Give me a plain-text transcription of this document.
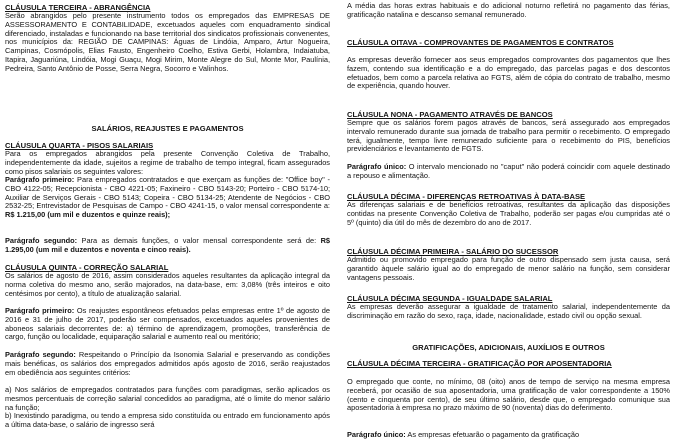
CLÁUSULA TERCEIRA - ABRANGÊNCIA
Serão abrangidos pelo presente instrumento todos os empregados das EMPRESAS DE ASSESSORAMENTO E CONTABILIDADE, excetuados aqueles com enquadramento sindical diferenciado, instaladas e funcionando na base territorial dos sindicatos profissionais convenentes, nos municípios da: REGIÃO DE CAMPINAS: Águas de Lindóia, Amparo, Artur Nogueira, Campinas, Cosmópolis, Elias Fausto, Engenheiro Coelho, Estiva Gerbi, Holambra, Indaiatuba, Itapira, Jaguariúna, Lindóia, Mogi Guaçu, Mogi Mirim, Monte Alegre do Sul, Monte Mor, Paulínia, Pedreira, Santo Antônio de Posse, Serra Negra, Socorro e Valinhos.
SALÁRIOS, REAJUSTES E PAGAMENTOS
CLÁUSULA QUARTA - PISOS SALARIAIS
Para os empregados abrangidos pela presente Convenção Coletiva de Trabalho, independentemente da idade, sujeitos a regime de trabalho de tempo integral, ficam assegurados como pisos salariais os seguintes valores:
Parágrafo primeiro: Para empregados contratados e que exerçam as funções de: "Office boy" - CBO 4122-05; Recepcionista - CBO 4221-05; Faxineiro - CBO 5143-20; Porteiro - CBO 5174-10; Auxiliar de Serviços Gerais - CBO 5143; Copeira - CBO 5134-25; Atendente de Negócios - CBO 2532-25; Entrevistador de Pesquisas de Campo - CBO 4241-15, o valor mensal correspondente a: R$ 1.215,00 (um mil e duzentos e quinze reais);
Parágrafo segundo: Para as demais funções, o valor mensal correspondente será de: R$ 1.295,00 (um mil e duzentos e noventa e cinco reais).
CLÁUSULA QUINTA - CORREÇÃO SALARIAL
Os salários de agosto de 2016, assim considerados aqueles resultantes da aplicação integral da norma coletiva do mesmo ano, serão majorados, na data-base, em: 3,08% (três inteiros e oito centésimos por cento), a título de atualização salarial.
Parágrafo primeiro: Os reajustes espontâneos efetuados pelas empresas entre 1º de agosto de 2016 e 31 de julho de 2017, poderão ser compensados, excetuados aqueles provenientes de aboneos salariais decorrentes de: a) término de aprendizagem, promoções, transferência de cargo, função ou localidade, equiparação salarial e aumento real ou meritório;
Parágrafo segundo: Respeitando o Princípio da Isonomia Salarial e preservando as condições mais benéficas, os salários dos empregados admitidos após agosto de 2016, serão reajustados em obediência aos seguintes critérios:
a) Nos salários de empregados contratados para funções com paradigmas, serão aplicados os mesmos percentuais de correção salarial concedidos ao paradigma, até o limite do menor salário na função;
b) Inexistindo paradigma, ou tendo a empresa sido constituída ou entrado em funcionamento após a última data-base, o salário de ingresso será
A média das horas extras habituais e do adicional noturno refletirá no pagamento das férias, gratificação natalina e descanso semanal remunerado.
CLÁUSULA OITAVA - COMPROVANTES DE PAGAMENTOS E CONTRATOS
As empresas deverão fornecer aos seus empregados comprovantes dos pagamentos que lhes fazem, contendo sua identificação e a do empregado, das parcelas pagas e dos descontos efetuados, bem como a parcela relativa ao FGTS, além de cópia do contrato de trabalho, mesmo de experiência, quando houver.
CLÁUSULA NONA - PAGAMENTO ATRAVÉS DE BANCOS
Sempre que os salários forem pagos através de bancos, será assegurado aos empregados intervalo remunerado durante sua jornada de trabalho para permitir o recebimento. O empregado terá, igualmente, tempo livre remunerado suficiente para o recebimento do PIS, benefícios previdenciários e levantamento de FGTS.
Parágrafo único: O intervalo mencionado no "caput" não poderá coincidir com aquele destinado a repouso e alimentação.
CLÁUSULA DÉCIMA - DIFERENÇAS RETROATIVAS À DATA-BASE
As diferenças salariais e de benefícios retroativas, resultantes da aplicação das disposições contidas na presente Convenção Coletiva de Trabalho, poderão ser pagas e/ou cumpridas até o 5º (quinto) dia útil do mês de dezembro do ano de 2017.
CLÁUSULA DÉCIMA PRIMEIRA - SALÁRIO DO SUCESSOR
Admitido ou promovido empregado para função de outro dispensado sem justa causa, será garantido àquele salário igual ao do empregado de menor salário na função, sem considerar vantagens pessoais.
CLÁUSULA DÉCIMA SEGUNDA - IGUALDADE SALARIAL
As empresas deverão assegurar a igualdade de tratamento salarial, independentemente da discriminação em razão do sexo, raça, idade, nacionalidade, estado civil ou opção sexual.
GRATIFICAÇÕES, ADICIONAIS, AUXÍLIOS E OUTROS
CLÁUSULA DÉCIMA TERCEIRA - GRATIFICAÇÃO POR APOSENTADORIA
O empregado que conte, no mínimo, 08 (oito) anos de tempo de serviço na mesma empresa receberá, por ocasião de sua aposentadoria, uma gratificação de valor correspondente a 150% (cento e cinquenta por cento), de seu último salário, desde que, o empregado comunique sua aposentadoria à empresa no prazo máximo de 90 (noventa) dias do deferimento.
Parágrafo único: As empresas efetuarão o pagamento da gratificação
